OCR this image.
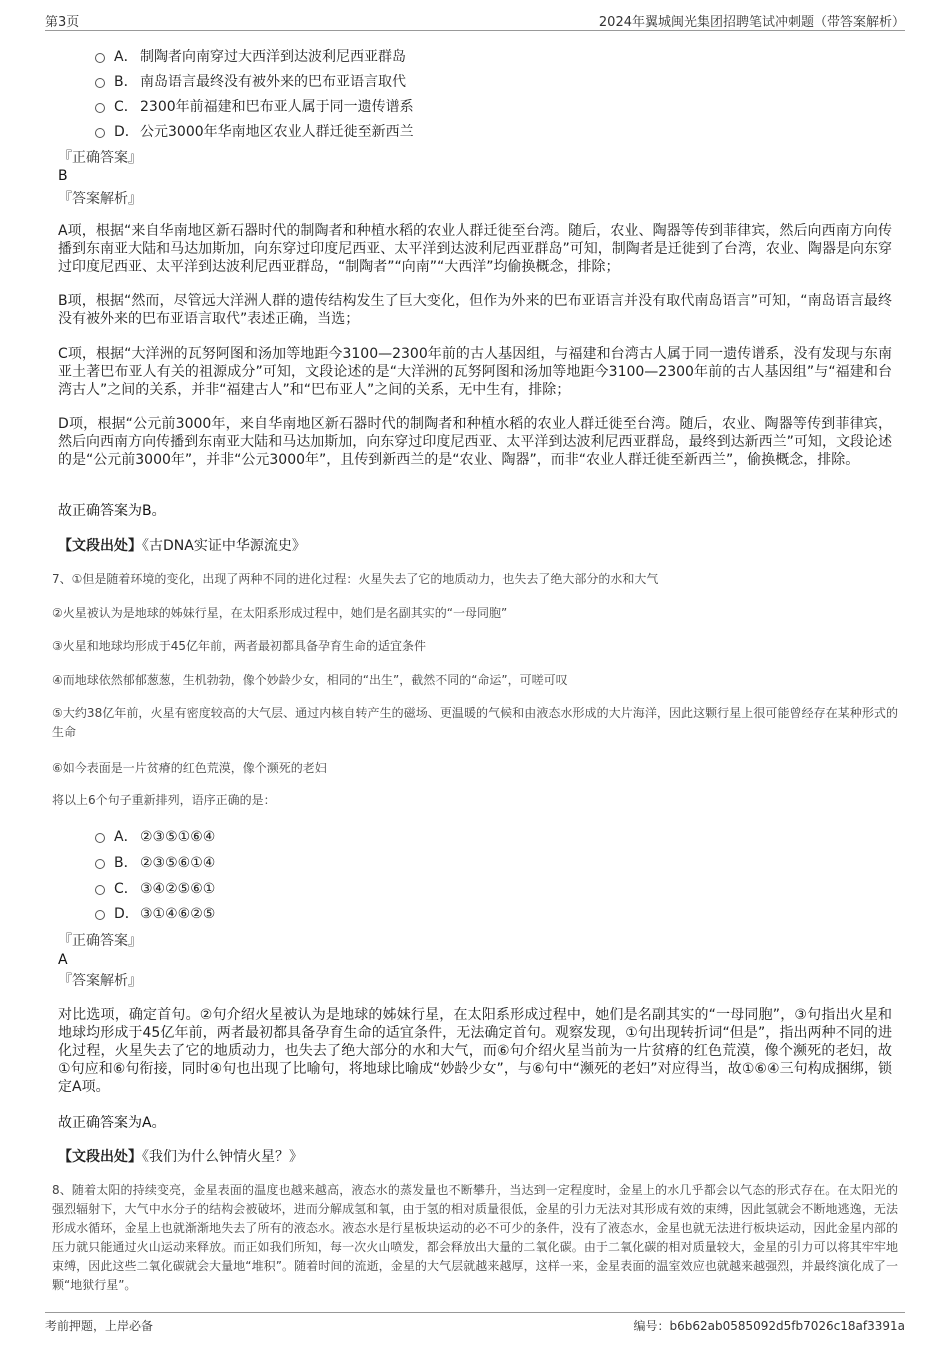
第3页	2024年翼城闽光集团招聘笔试冲刺题（带答案解析）
A． 制陶者向南穿过大西洋到达波利尼西亚群岛
B． 南岛语言最终没有被外来的巴布亚语言取代
C． 2300年前福建和巴布亚人属于同一遗传谱系
D．公元3000年华南地区农业人群迁徙至新西兰
『正确答案』
B
『答案解析』
A项，根据“来自华南地区新石器时代的制陶者和种植水稻的农业人群迁徙至台湾。随后，农业、陶器等传到菲律宾，然后向西南方向传播到东南亚大陆和马达加斯加，向东穿过印度尼西亚、太平洋到达波利尼西亚群岛”可知，制陶者是迁徙到了台湾，农业、陶器是向东穿过印度尼西亚、太平洋到达波利尼西亚群岛，“制陶者”“向南”“大西洋”均偷换概念，排除；
B项，根据“然而，尽管远大洋洲人群的遗传结构发生了巨大变化，但作为外来的巴布亚语言并没有取代南岛语言”可知，“南岛语言最终没有被外来的巴布亚语言取代”表述正确，当选；
C项，根据“大洋洲的瓦努阿图和汤加等地距今3100—2300年前的古人基因组，与福建和台湾古人属于同一遗传谱系，没有发现与东南亚土著巴布亚人有关的祖源成分”可知，文段论述的是“大洋洲的瓦努阿图和汤加等地距今3100—2300年前的古人基因组”与“福建和台湾古人”之间的关系，并非“福建古人”和“巴布亚人”之间的关系，无中生有，排除；
D项，根据“公元前3000年，来自华南地区新石器时代的制陶者和种植水稻的农业人群迁徙至台湾。随后，农业、陶器等传到菲律宾，然后向西南方向传播到东南亚大陆和马达加斯加，向东穿过印度尼西亚、太平洋到达波利尼西亚群岛，最终到达新西兰”可知，文段论述的是“公元前3000年”，并非“公元3000年”，且传到新西兰的是“农业、陶器”，而非“农业人群迁徙至新西兰”，偷换概念，排除。
故正确答案为B。
【文段出处】《古DNA实证中华源流史》
7、①但是随着环境的变化，出现了两种不同的进化过程：火星失去了它的地质动力，也失去了绝大部分的水和大气
②火星被认为是地球的姊妹行星，在太阳系形成过程中，她们是名副其实的“一母同胞”
③火星和地球均形成于45亿年前，两者最初都具备孕育生命的适宜条件
④而地球依然郁郁葱葱，生机勃勃，像个妙龄少女，相同的“出生”，截然不同的“命运”，可嗟可叹
⑤大约38亿年前，火星有密度较高的大气层、通过内核自转产生的磁场、更温暖的气候和由液态水形成的大片海洋，因此这颗行星上很可能曾经存在某种形式的生命
⑥如今表面是一片贫瘠的红色荒漠，像个濒死的老妇
将以上6个句子重新排列，语序正确的是：
A． ②③⑤①⑥④
B． ②③⑤⑥①④
C． ③④②⑤⑥①
D．③①④⑥②⑤
『正确答案』
A
『答案解析』
对比选项，确定首句。②句介绍火星被认为是地球的姊妹行星，在太阳系形成过程中，她们是名副其实的“一母同胞”，③句指出火星和地球均形成于45亿年前，两者最初都具备孕育生命的适宜条件，无法确定首句。观察发现，①句出现转折词“但是”，指出两种不同的进化过程，火星失去了它的地质动力，也失去了绝大部分的水和大气，而⑥句介绍火星当前为一片贫瘠的红色荒漠，像个濒死的老妇，故①句应和⑥句衔接，同时④句也出现了比喻句，将地球比喻成“妙龄少女”，与⑥句中“濒死的老妇”对应得当，故①⑥④三句构成捆绑，锁定A项。
故正确答案为A。
【文段出处】《我们为什么钟情火星？》
8、随着太阳的持续变亮，金星表面的温度也越来越高，液态水的蒸发量也不断攀升，当达到一定程度时，金星上的水几乎都会以气态的形式存在。在太阳光的强烈辐射下，大气中水分子的结构会被破坏，进而分解成氢和氧，由于氢的相对质量很低，金星的引力无法对其形成有效的束缚，因此氢就会不断地逃逸，无法形成水循环，金星上也就渐渐地失去了所有的液态水。液态水是行星板块运动的必不可少的条件，没有了液态水，金星也就无法进行板块运动，因此金星内部的压力就只能通过火山运动来释放。而正如我们所知，每一次火山喷发，都会释放出大量的二氧化碳。由于二氧化碳的相对质量较大，金星的引力可以将其牢牢地束缚，因此这些二氧化碳就会大量地“堆积”。随着时间的流逝，金星的大气层就越来越厚，这样一来，金星表面的温室效应也就越来越强烈，并最终演化成了一颗“地狱行星”。
考前押题，上岸必备	编号：b6b62ab0585092d5fb7026c18af3391a
